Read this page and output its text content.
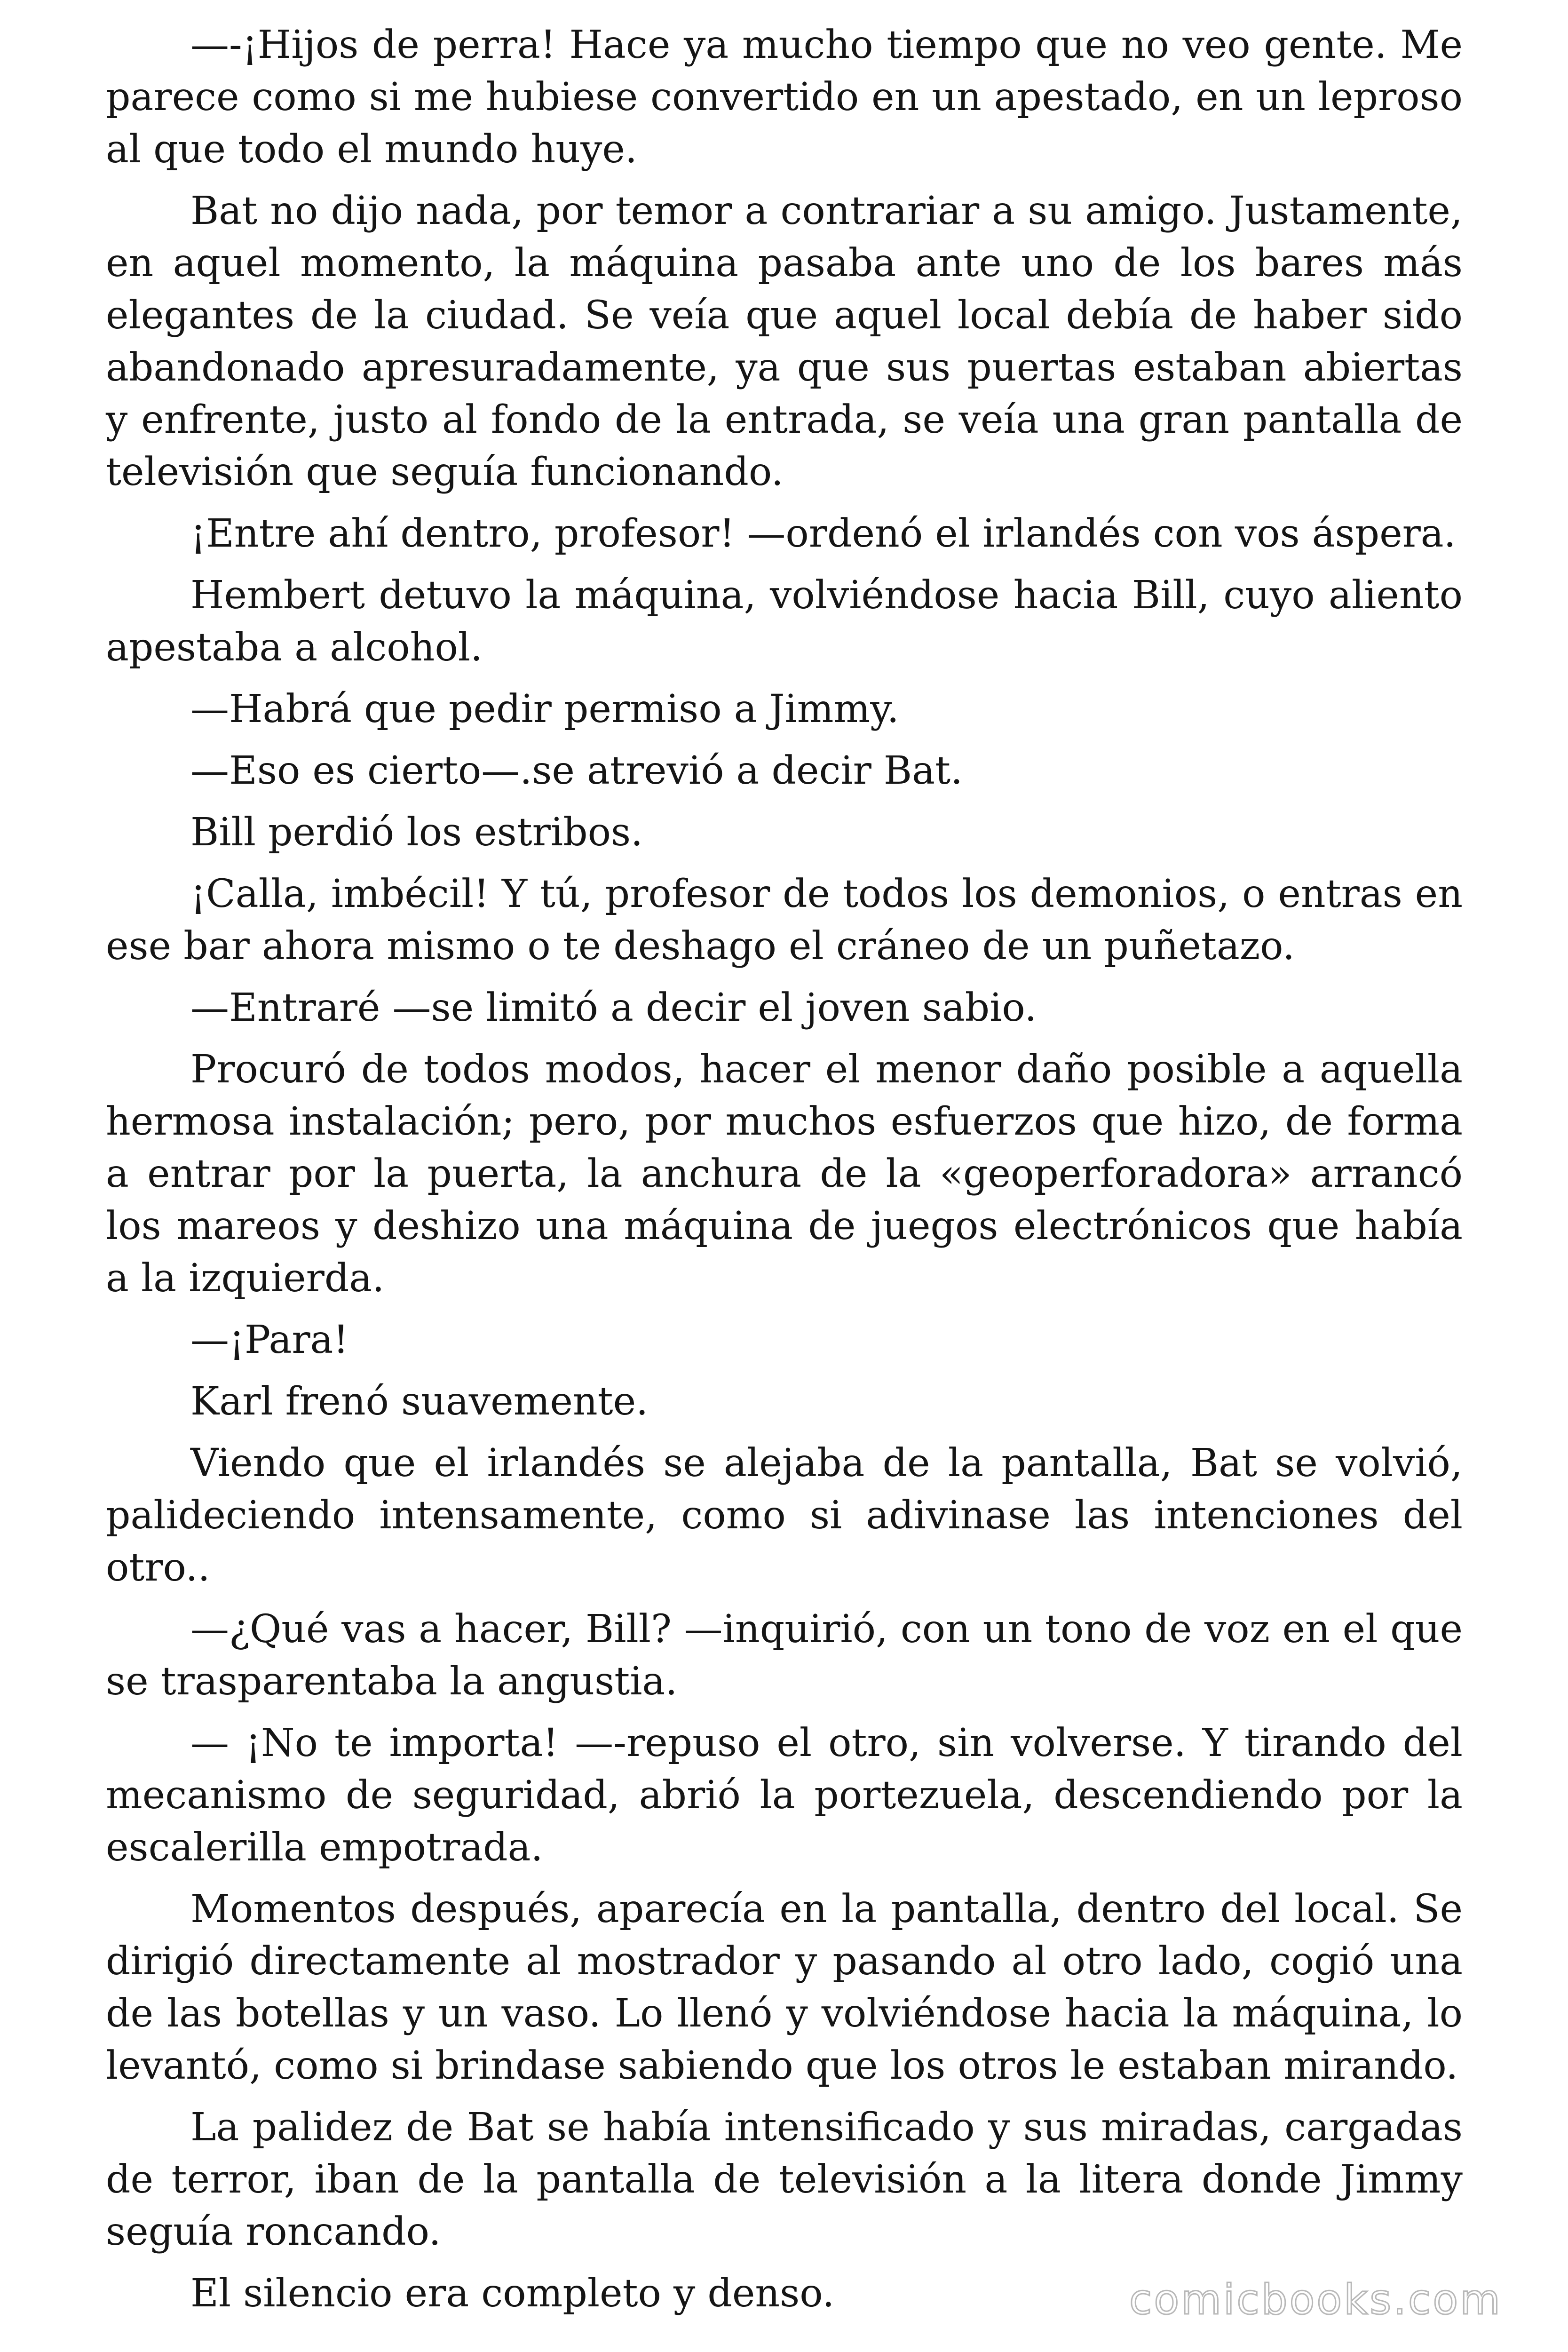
—-¡Hijos de perra! Hace ya mucho tiempo que no veo gente. Me parece como si me hubiese convertido en un apestado, en un leproso al que todo el mundo huye.

Bat no dijo nada, por temor a contrariar a su amigo. Justamente, en aquel momento, la máquina pasaba ante uno de los bares más elegantes de la ciudad. Se veía que aquel local debía de haber sido abandonado apresuradamente, ya que sus puertas estaban abiertas y enfrente, justo al fondo de la entrada, se veía una gran pantalla de televisión que seguía funcionando.

¡Entre ahí dentro, profesor! —ordenó el irlandés con vos áspera.

Hembert detuvo la máquina, volviéndose hacia Bill, cuyo aliento apestaba a alcohol.

—Habrá que pedir permiso a Jimmy.

—Eso es cierto—.se atrevió a decir Bat.

Bill perdió los estribos.

¡Calla, imbécil! Y tú, profesor de todos los demonios, o entras en ese bar ahora mismo o te deshago el cráneo de un puñetazo.

—Entraré —se limitó a decir el joven sabio.

Procuró de todos modos, hacer el menor daño posible a aquella hermosa instalación; pero, por muchos esfuerzos que hizo, de forma a entrar por la puerta, la anchura de la «geoperforadora» arrancó los mareos y deshizo una máquina de juegos electrónicos que había a la izquierda.

—¡Para!

Karl frenó suavemente.

Viendo que el irlandés se alejaba de la pantalla, Bat se volvió, palideciendo intensamente, como si adivinase las intenciones del otro..

—¿Qué vas a hacer, Bill? —inquirió, con un tono de voz en el que se trasparentaba la angustia.

— ¡No te importa! —-repuso el otro, sin volverse. Y tirando del mecanismo de seguridad, abrió la portezuela, descendiendo por la escalerilla empotrada.

Momentos después, aparecía en la pantalla, dentro del local. Se dirigió directamente al mostrador y pasando al otro lado, cogió una de las botellas y un vaso. Lo llenó y volviéndose hacia la máquina, lo levantó, como si brindase sabiendo que los otros le estaban mirando.

La palidez de Bat se había intensificado y sus miradas, cargadas de terror, iban de la pantalla de televisión a la litera donde Jimmy seguía roncando.

El silencio era completo y denso.	comicbooks.com
